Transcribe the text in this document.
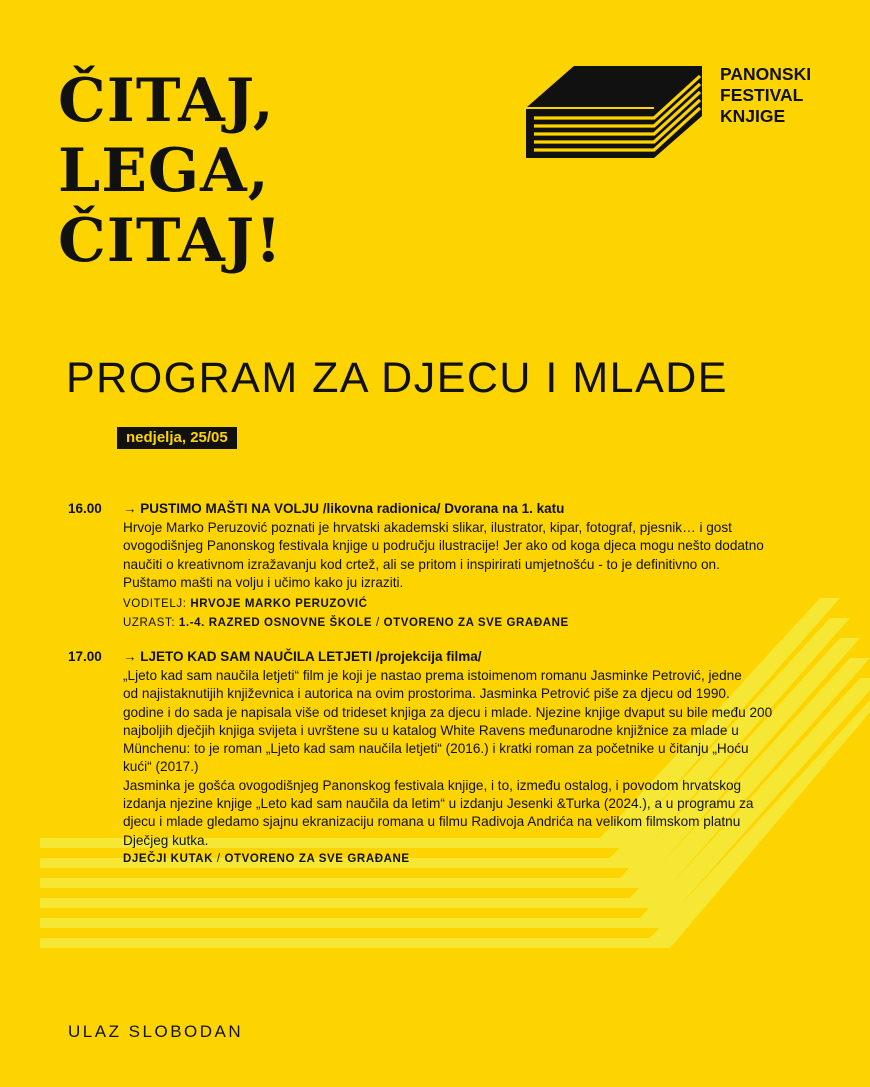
ČITAJ,
LEGA,
ČITAJ!
PANONSKI
FESTIVAL
KNJIGE
PROGRAM ZA DJECU I MLADE
nedjelja, 25/05
16.00 → PUSTIMO MAŠTI NA VOLJU /likovna radionica/ Dvorana na 1. katu

Hrvoje Marko Peruzović poznati je hrvatski akademski slikar, ilustrator, kipar, fotograf, pjesnik… i gost
ovogodišnjeg Panonskog festivala knjige u području ilustracije! Jer ako od koga djeca mogu nešto dodatno
naučiti o kreativnom izražavanju kod crtež, ali se pritom i inspirirati umjetnošću - to je definitivno on.
Puštamo mašti na volju i učimo kako ju izraziti.

VODITELJ: HRVOJE MARKO PERUZOVIĆ
UZRAST: 1.-4. RAZRED OSNOVNE ŠKOLE / OTVORENO ZA SVE GRAĐANE
17.00 → LJETO KAD SAM NAUČILA LETJETI /projekcija filma/

„Ljeto kad sam naučila letjeti“ film je koji je nastao prema istoimenom romanu Jasminke Petrović, jedne
od najistaknutijih književnica i autorica na ovim prostorima. Jasminka Petrović piše za djecu od 1990.
godine i do sada je napisala više od trideset knjiga za djecu i mlade. Njezine knjige dvaput su bile među 200
najboljih dječjih knjiga svijeta i uvrštene su u katalog White Ravens međunarodne knjižnice za mlade u
Münchenu: to je roman „Ljeto kad sam naučila letjeti“ (2016.) i kratki roman za početnike u čitanju „Hoću
kući“ (2017.)
Jasminka je gošća ovogodišnjeg Panonskog festivala knjige, i to, između ostalog, i povodom hrvatskog
izdanja njezine knjige „Leto kad sam naučila da letim“ u izdanju Jesenki &Turka (2024.), a u programu za
djecu i mlade gledamo sjajnu ekranizaciju romana u filmu Radivoja Andrića na velikom filmskom platnu
Dječjeg kutka.

DJEČJI KUTAK / OTVORENO ZA SVE GRAĐANE
ULAZ SLOBODAN
